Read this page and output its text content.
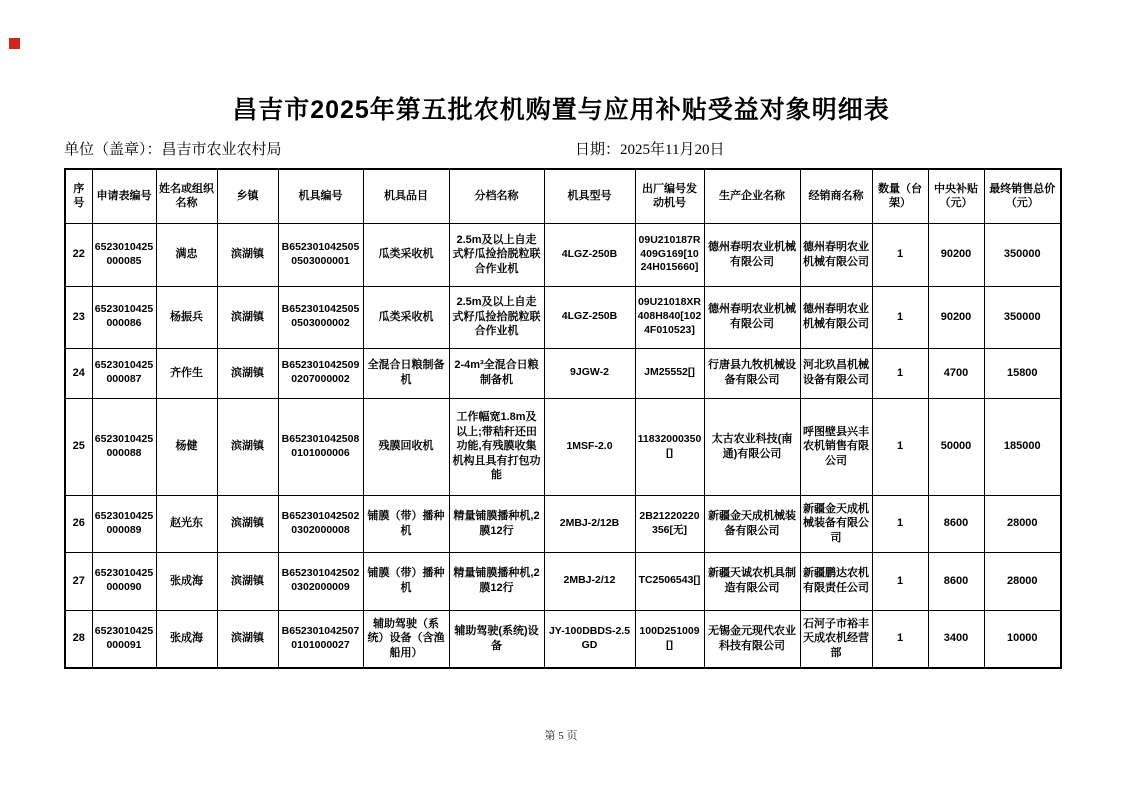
昌吉市2025年第五批农机购置与应用补贴受益对象明细表
单位（盖章）：昌吉市农业农村局	日期：2025年11月20日
序号	申请表编号	姓名或组织名称	乡镇	机具编号	机具品目	分档名称	机具型号	出厂编号发动机号	生产企业名称	经销商名称	数量（台架）	中央补贴（元）	最终销售总价（元）
22	6523010425000085	满忠	滨湖镇	B6523010425050503000001	瓜类采收机	2.5m及以上自走式籽瓜捡拾脱粒联合作业机	4LGZ-250B	09U210187R409G169[1024H015660]	德州春明农业机械有限公司	德州春明农业机械有限公司	1	90200	350000
23	6523010425000086	杨振兵	滨湖镇	B6523010425050503000002	瓜类采收机	2.5m及以上自走式籽瓜捡拾脱粒联合作业机	4LGZ-250B	09U21018XR408H840[1024F010523]	德州春明农业机械有限公司	德州春明农业机械有限公司	1	90200	350000
24	6523010425000087	齐作生	滨湖镇	B6523010425090207000002	全混合日粮制备机	2-4m³全混合日粮制备机	9JGW-2	JM25552[]	行唐县九牧机械设备有限公司	河北玖昌机械设备有限公司	1	4700	15800
25	6523010425000088	杨健	滨湖镇	B6523010425080101000006	残膜回收机	工作幅宽1.8m及以上;带秸秆还田功能,有残膜收集机构且具有打包功能	1MSF-2.0	11832000350[]	太古农业科技(南通)有限公司	呼图壁县兴丰农机销售有限公司	1	50000	185000
26	6523010425000089	赵光东	滨湖镇	B6523010425020302000008	铺膜（带）播种机	精量铺膜播种机,2膜12行	2MBJ-2/12B	2B21220220356[无]	新疆金天成机械装备有限公司	新疆金天成机械装备有限公司	1	8600	28000
27	6523010425000090	张成海	滨湖镇	B6523010425020302000009	铺膜（带）播种机	精量铺膜播种机,2膜12行	2MBJ-2/12	TC2506543[]	新疆天诚农机具制造有限公司	新疆鹏达农机有限责任公司	1	8600	28000
28	6523010425000091	张成海	滨湖镇	B6523010425070101000027	辅助驾驶（系统）设备（含渔船用）	辅助驾驶(系统)设备	JY-100DBDS-2.5GD	100D251009[]	无锡金元现代农业科技有限公司	石河子市裕丰天成农机经营部	1	3400	10000
第 5 页
